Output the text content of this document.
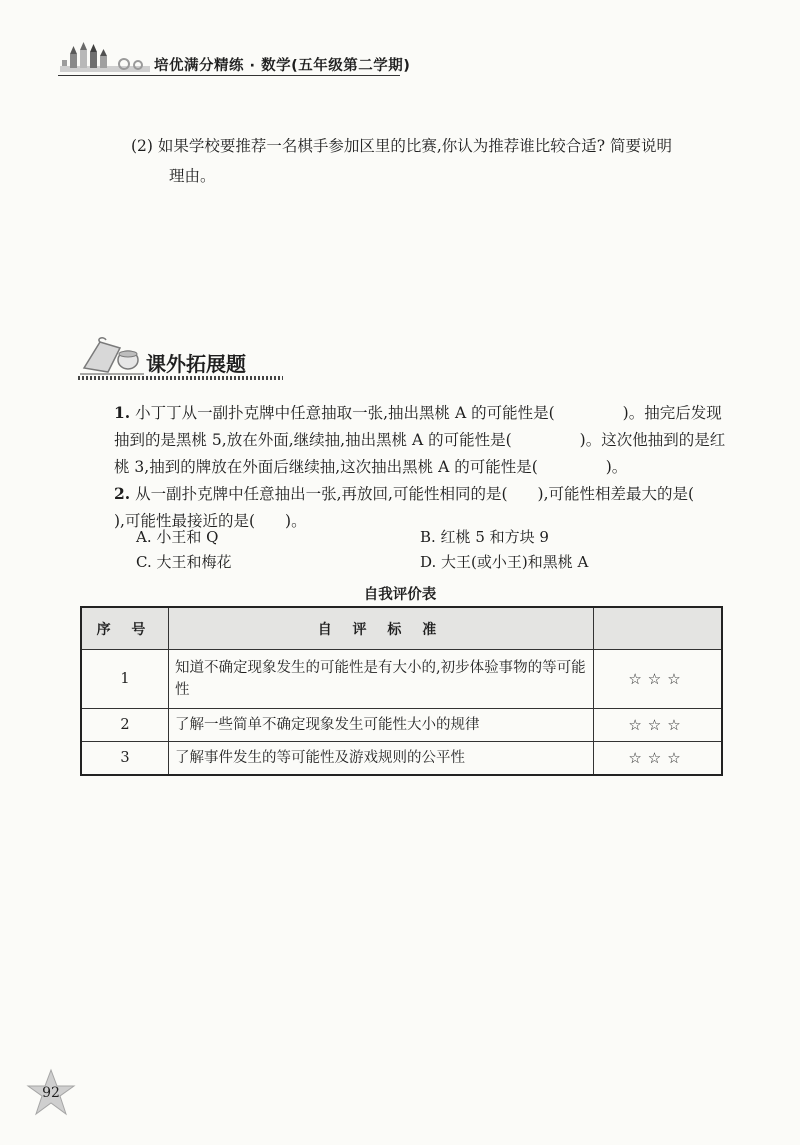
培优满分精练 · 数学(五年级第二学期)
(2) 如果学校要推荐一名棋手参加区里的比赛,你认为推荐谁比较合适? 简要说明
理由。
课外拓展题
1. 小丁丁从一副扑克牌中任意抽取一张,抽出黑桃 A 的可能性是(	)。抽完后发现抽到的是黑桃 5,放在外面,继续抽,抽出黑桃 A 的可能性是(	)。这次他抽到的是红桃 3,抽到的牌放在外面后继续抽,这次抽出黑桃 A 的可能性是(	)。
2. 从一副扑克牌中任意抽出一张,再放回,可能性相同的是( ),可能性相差最大的是(),可能性最接近的是( )。
A. 小王和 Q	B. 红桃 5 和方块 9
C. 大王和梅花	D. 大王(或小王)和黑桃 A
自我评价表
序 号	自 评 标 准	
1	知道不确定现象发生的可能性是有大小的,初步体验事物的等可能性	☆☆☆
2	了解一些简单不确定现象发生可能性大小的规律	☆☆☆
3	了解事件发生的等可能性及游戏规则的公平性	☆☆☆
92
